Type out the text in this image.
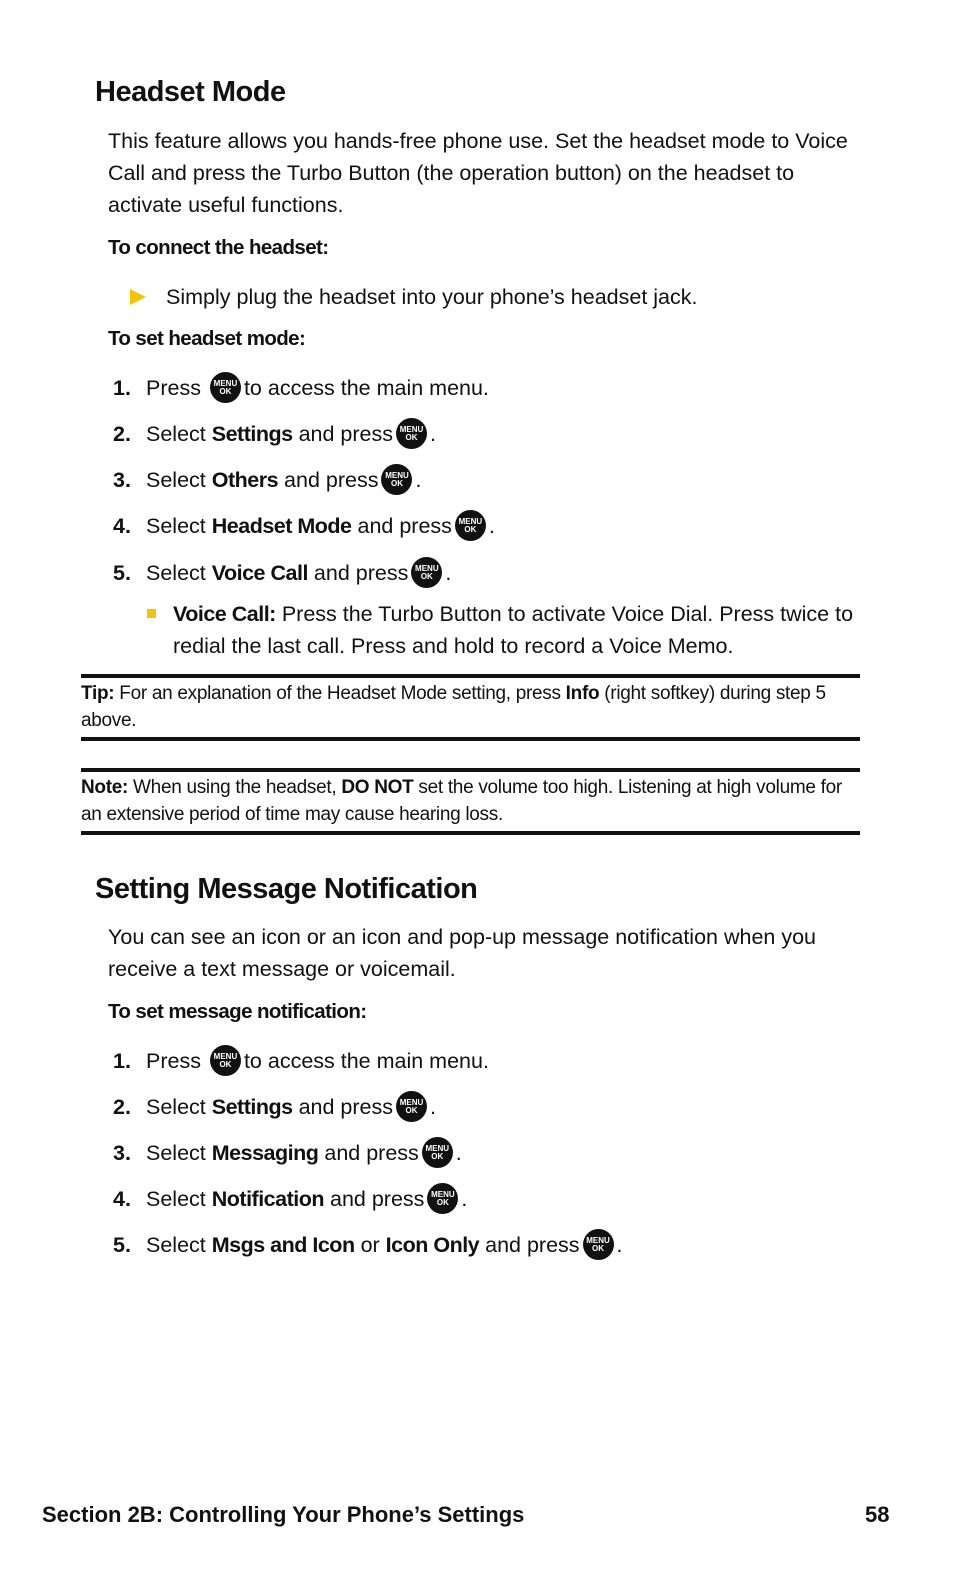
Headset Mode
This feature allows you hands-free phone use. Set the headset mode to Voice Call and press the Turbo Button (the operation button) on the headset to activate useful functions.
To connect the headset:
Simply plug the headset into your phone’s headset jack.
To set headset mode:
1. Press
MENU
OK to access the main menu.
2. Select
Settings
and press MENU
OK .
3. Select
Others
and press MENU
OK .
4. Select
Headset Mode
and press MENU
OK .
5. Select
Voice Call
and press MENU
OK .
Voice Call: Press the Turbo Button to activate Voice Dial. Press twice to redial the last call. Press and hold to record a Voice Memo.
Tip: For an explanation of the Headset Mode setting, press Info (right softkey) during step 5 above.
Note: When using the headset, DO NOT set the volume too high. Listening at high volume for an extensive period of time may cause hearing loss.
Setting Message Notification
You can see an icon or an icon and pop-up message notification when you receive a text message or voicemail.
To set message notification:
1. Press
MENU
OK to access the main menu.
2. Select
Settings
and press MENU
OK .
3. Select
Messaging
and press MENU
OK .
4. Select
Notification
and press MENU
OK .
5. Select
Msgs and Icon
or
Icon Only
and press MENU
OK .
Section 2B: Controlling Your Phone’s Settings	58
